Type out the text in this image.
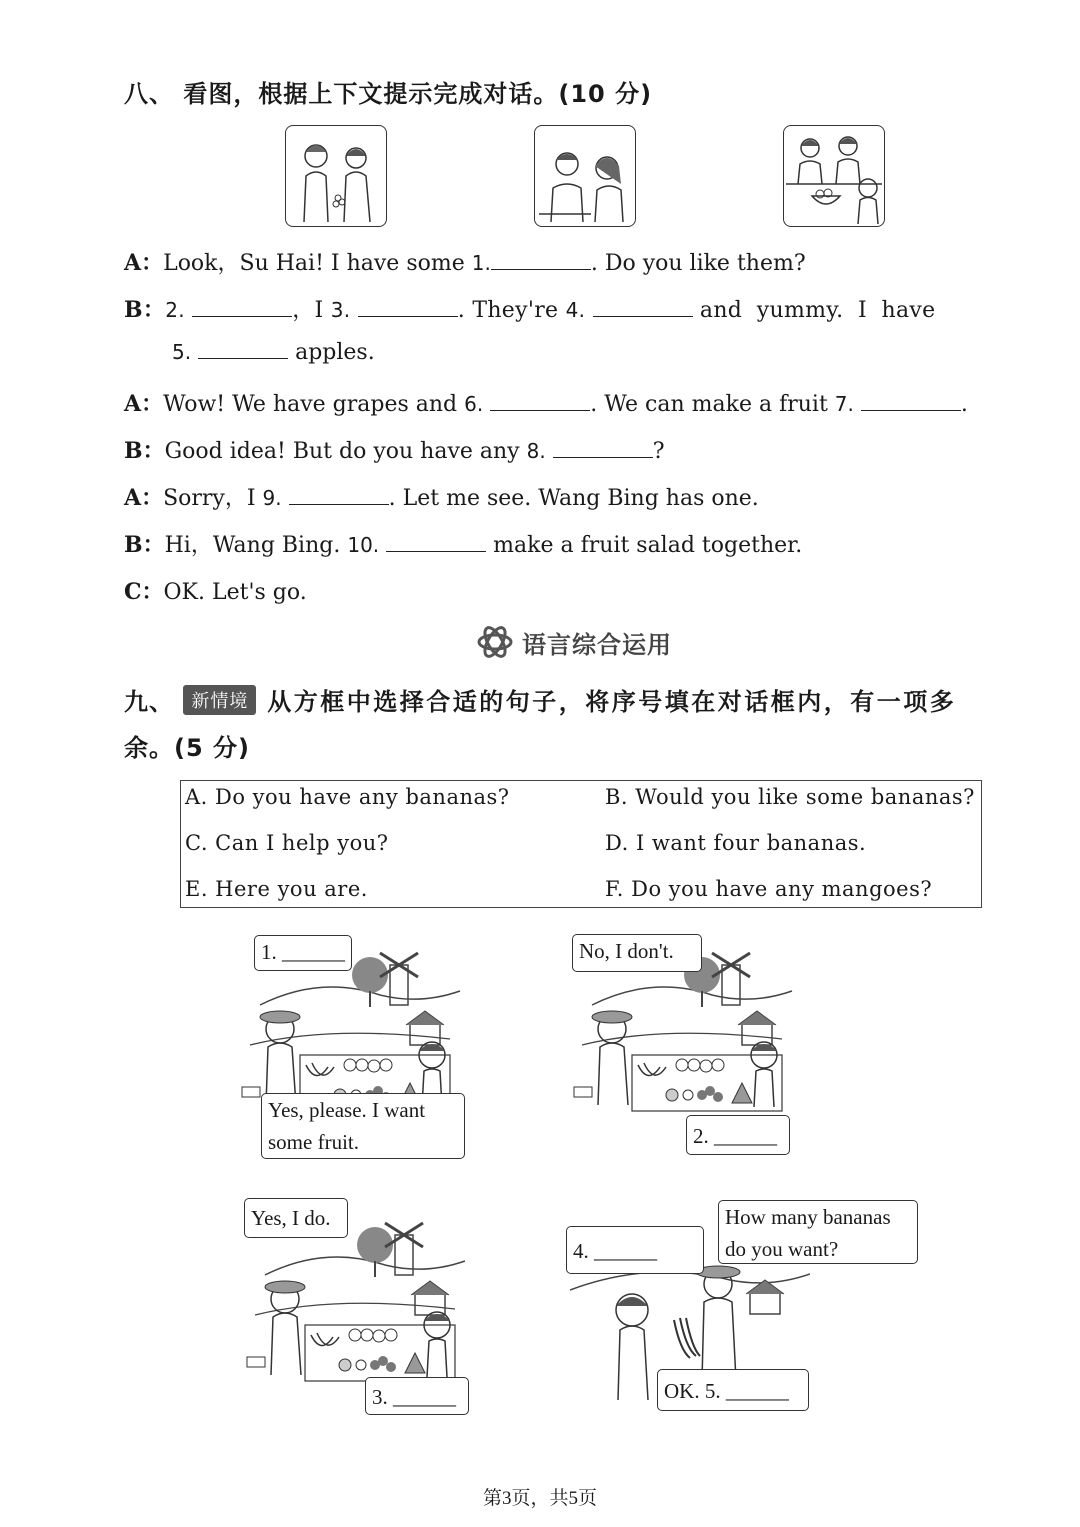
八、 看图，根据上下文提示完成对话。(10 分)
A：Look，Su Hai! I have some 1.	. Do you like them?
B：2.	，I 3.	. They're 4.	and  yummy.  I  have
5.	apples.
A：Wow! We have grapes and 6.	. We can make a fruit 7.	.
B：Good idea! But do you have any 8.	?
A：Sorry，I 9.	. Let me see. Wang Bing has one.
B：Hi，Wang Bing. 10.	make a fruit salad together.
C：OK. Let's go.
语言综合运用
九、 新情境 从方框中选择合适的句子，将序号填在对话框内，有一项多
余。(5 分)
A. Do you have any bananas?	B. Would you like some bananas?
C. Can I help you?	D. I want four bananas.
E. Here you are.	F. Do you have any mangoes?
1. ______
Yes, please. I want
some fruit.
No, I don't.
2. ______
Yes, I do.
3. ______
4. ______
How many bananas
do you want?
OK. 5. ______
第3页，共5页
